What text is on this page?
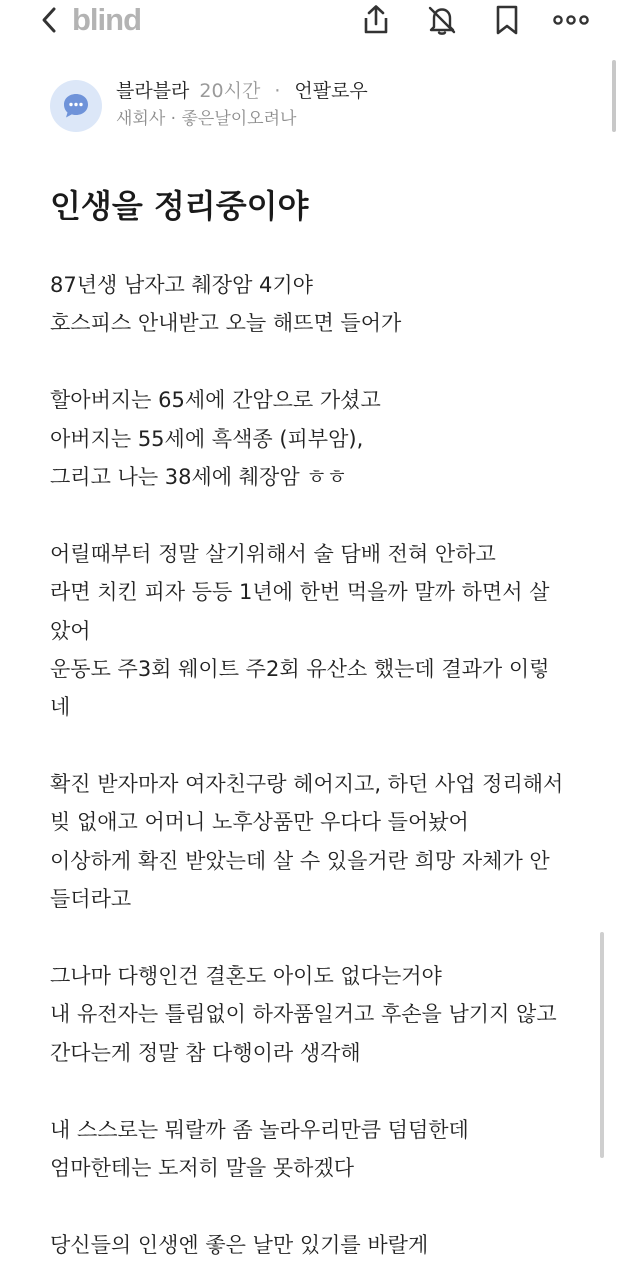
blind
블라블라 20시간 · 언팔로우
새회사 · 좋은날이오려나
인생을 정리중이야
87년생 남자고 췌장암 4기야
호스피스 안내받고 오늘 해뜨면 들어가
할아버지는 65세에 간암으로 가셨고
아버지는 55세에 흑색종 (피부암),
그리고 나는 38세에 췌장암 ㅎㅎ
어릴때부터 정말 살기위해서 술 담배 전혀 안하고
라면 치킨 피자 등등 1년에 한번 먹을까 말까 하면서 살
았어
운동도 주3회 웨이트 주2회 유산소 했는데 결과가 이렇
네
확진 받자마자 여자친구랑 헤어지고, 하던 사업 정리해서
빚 없애고 어머니 노후상품만 우다다 들어놨어
이상하게 확진 받았는데 살 수 있을거란 희망 자체가 안
들더라고
그나마 다행인건 결혼도 아이도 없다는거야
내 유전자는 틀림없이 하자품일거고 후손을 남기지 않고
간다는게 정말 참 다행이라 생각해
내 스스로는 뭐랄까 좀 놀라우리만큼 덤덤한데
엄마한테는 도저히 말을 못하겠다
당신들의 인생엔 좋은 날만 있기를 바랄게
